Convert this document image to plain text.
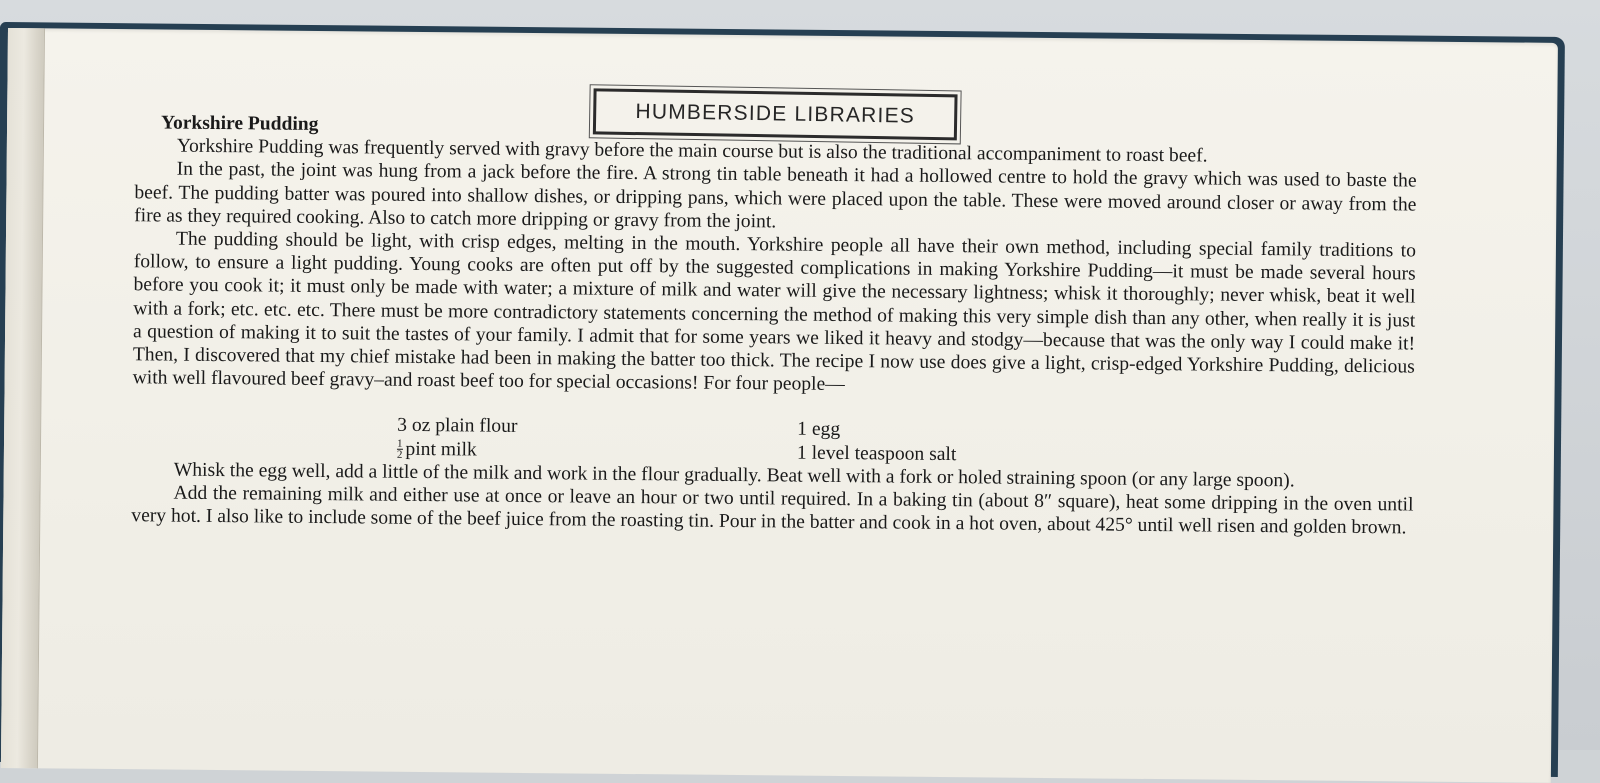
HUMBERSIDE LIBRARIES
Yorkshire Pudding

Yorkshire Pudding was frequently served with gravy before the main course but is also the traditional accompaniment to roast beef.

In the past, the joint was hung from a jack before the fire. A strong tin table beneath it had a hollowed centre to hold the gravy which was used to baste the beef. The pudding batter was poured into shallow dishes, or dripping pans, which were placed upon the table. These were moved around closer or away from the fire as they required cooking. Also to catch more dripping or gravy from the joint.

The pudding should be light, with crisp edges, melting in the mouth. Yorkshire people all have their own method, including special family traditions to follow, to ensure a light pudding. Young cooks are often put off by the suggested complications in making Yorkshire Pudding—it must be made several hours before you cook it; it must only be made with water; a mixture of milk and water will give the necessary lightness; whisk it thoroughly; never whisk, beat it well with a fork; etc. etc. etc. There must be more contradictory statements concerning the method of making this very simple dish than any other, when really it is just a question of making it to suit the tastes of your family. I admit that for some years we liked it heavy and stodgy—because that was the only way I could make it! Then, I discovered that my chief mistake had been in making the batter too thick. The recipe I now use does give a light, crisp-edged Yorkshire Pudding, delicious with well flavoured beef gravy–and roast beef too for special occasions! For four people—

3 oz plain flour
$\frac{1}{2}$ pint milk
1 egg
1 level teaspoon salt

Whisk the egg well, add a little of the milk and work in the flour gradually. Beat well with a fork or holed straining spoon (or any large spoon).

Add the remaining milk and either use at once or leave an hour or two until required. In a baking tin (about 8″ square), heat some dripping in the oven until very hot. I also like to include some of the beef juice from the roasting tin. Pour in the batter and cook in a hot oven, about 425° until well risen and golden brown.
